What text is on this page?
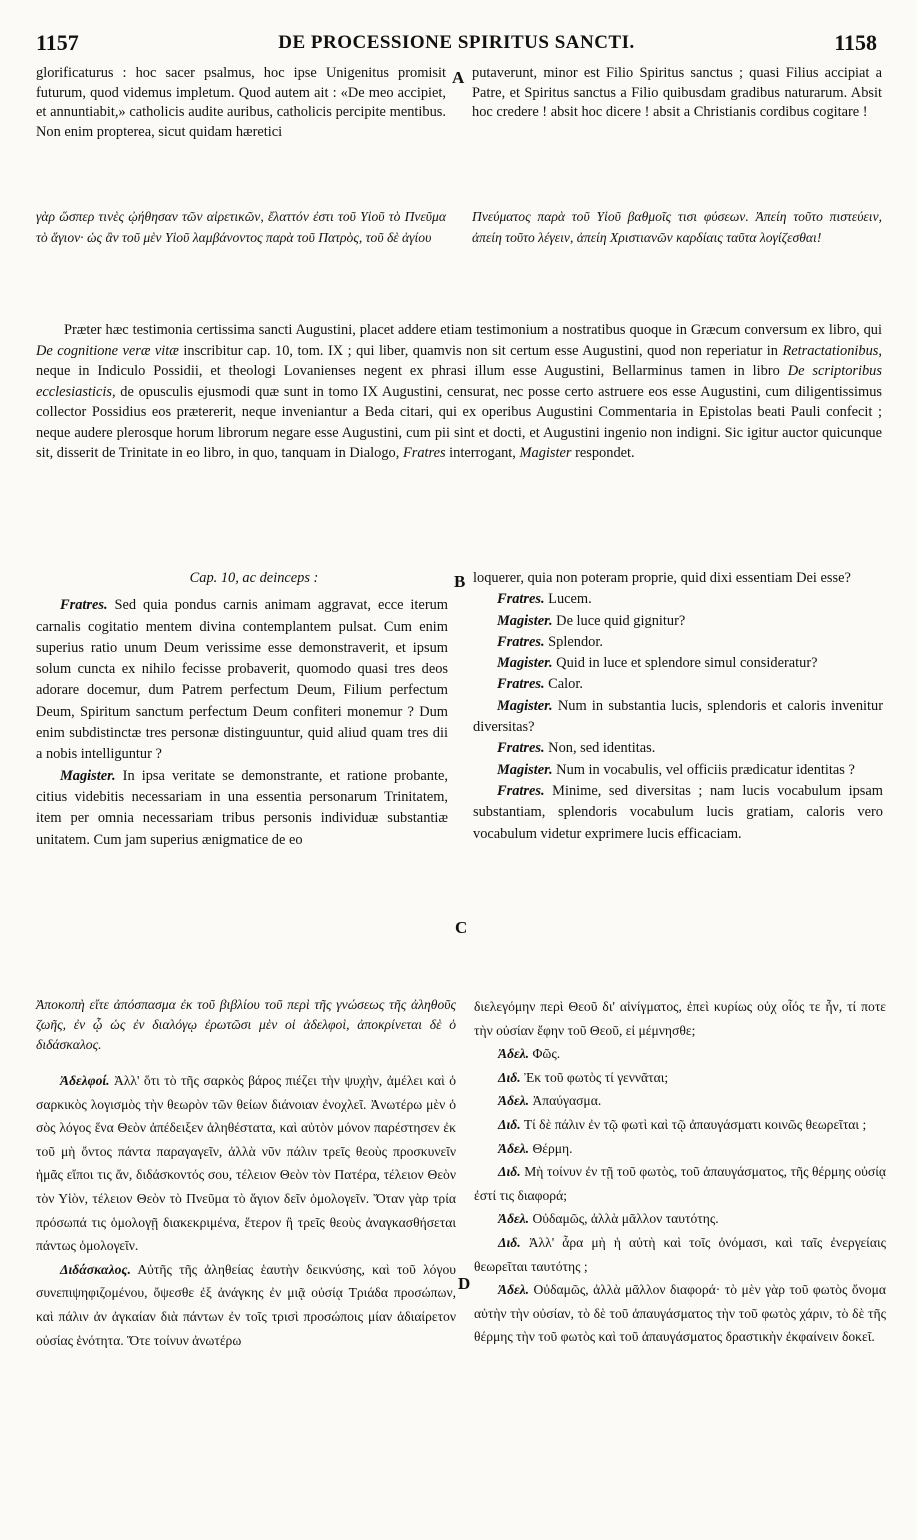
1157	DE PROCESSIONE SPIRITUS SANCTI.	1158
A
B
C
D

glorificaturus : hoc sacer psalmus, hoc ipse Unigenitus promisit futurum, quod videmus impletum. Quod autem ait : «De meo accipiet, et annuntiabit,» catholicis audite auribus, catholicis percipite mentibus. Non enim propterea, sicut quidam hæretici

putaverunt, minor est Filio Spiritus sanctus ; quasi Filius accipiat a Patre, et Spiritus sanctus a Filio quibusdam gradibus naturarum. Absit hoc credere ! absit hoc dicere ! absit a Christianis cordibus cogitare !

γὰρ ὥσπερ τινὲς ᾠήθησαν τῶν αἱρετικῶν, ἔλαττόν ἐστι τοῦ Υἱοῦ τὸ Πνεῦμα τὸ ἅγιον· ὡς ἂν τοῦ μὲν Υἱοῦ λαμβάνοντος παρὰ τοῦ Πατρὸς, τοῦ δὲ ἁγίου

Πνεύματος παρὰ τοῦ Υἱοῦ βαθμοῖς τισι φύσεων. Ἀπείη τοῦτο πιστεύειν, ἀπείη τοῦτο λέγειν, ἀπείη Χριστιανῶν καρδίαις ταῦτα λογίζεσθαι!

Præter hæc testimonia certissima sancti Augustini, placet addere etiam testimonium a nostratibus quoque in Græcum conversum ex libro, qui De cognitione veræ vitæ inscribitur cap. 10, tom. IX ; qui liber, quamvis non sit certum esse Augustini, quod non reperiatur in Retractationibus, neque in Indiculo Possidii, et theologi Lovanienses negent ex phrasi illum esse Augustini, Bellarminus tamen in libro De scriptoribus ecclesiasticis, de opusculis ejusmodi quæ sunt in tomo IX Augustini, censurat, nec posse certo astruere eos esse Augustini, cum diligentissimus collector Possidius eos prætererit, neque inveniantur a Beda citari, qui ex operibus Augustini Commentaria in Epistolas beati Pauli confecit ; neque audere plerosque horum librorum negare esse Augustini, cum pii sint et docti, et Augustini ingenio non indigni. Sic igitur auctor quicunque sit, disserit de Trinitate in eo libro, in quo, tanquam in Dialogo, Fratres interrogant, Magister respondet.

Cap. 10, ac deinceps :

Fratres. Sed quia pondus carnis animam aggravat, ecce iterum carnalis cogitatio mentem divina contemplantem pulsat. Cum enim superius ratio unum Deum verissime esse demonstraverit, et ipsum solum cuncta ex nihilo fecisse probaverit, quomodo quasi tres deos adorare docemur, dum Patrem perfectum Deum, Filium perfectum Deum, Spiritum sanctum perfectum Deum confiteri monemur ? Dum enim subdistinctæ tres personæ distinguuntur, quid aliud quam tres dii a nobis intelliguntur ?

Magister. In ipsa veritate se demonstrante, et ratione probante, citius videbitis necessariam in una essentia personarum Trinitatem, item per omnia necessariam tribus personis individuæ substantiæ unitatem. Cum jam superius ænigmatice de eo

loquerer, quia non poteram proprie, quid dixi essentiam Dei esse?

Fratres. Lucem.

Magister. De luce quid gignitur?

Fratres. Splendor.

Magister. Quid in luce et splendore simul consideratur?

Fratres. Calor.

Magister. Num in substantia lucis, splendoris et caloris invenitur diversitas?

Fratres. Non, sed identitas.

Magister. Num in vocabulis, vel officiis prædicatur identitas ?

Fratres. Minime, sed diversitas ; nam lucis vocabulum ipsam substantiam, splendoris vocabulum lucis gratiam, caloris vero vocabulum videtur exprimere lucis efficaciam.

Ἀποκοπὴ εἴτε ἀπόσπασμα ἐκ τοῦ βιβλίου τοῦ περὶ τῆς γνώσεως τῆς ἀληθοῦς ζωῆς, ἐν ᾧ ὡς ἐν διαλόγῳ ἐρωτῶσι μὲν οἱ ἀδελφοὶ, ἀποκρίνεται δὲ ὁ διδάσκαλος.

Ἀδελφοί. Ἀλλ' ὅτι τὸ τῆς σαρκὸς βάρος πιέζει τὴν ψυχὴν, ἀμέλει καὶ ὁ σαρκικὸς λογισμὸς τὴν θεωρὸν τῶν θείων διάνοιαν ἐνοχλεῖ. Ἀνωτέρω μὲν ὁ σὸς λόγος ἕνα Θεὸν ἀπέδειξεν ἀληθέστατα, καὶ αὐτὸν μόνον παρέστησεν ἐκ τοῦ μὴ ὄντος πάντα παραγαγεῖν, ἀλλὰ νῦν πάλιν τρεῖς θεοὺς προσκυνεῖν ἡμᾶς εἴποι τις ἄν, διδάσκοντός σου, τέλειον Θεὸν τὸν Πατέρα, τέλειον Θεὸν τὸν Υἱὸν, τέλειον Θεὸν τὸ Πνεῦμα τὸ ἅγιον δεῖν ὁμολογεῖν. Ὅταν γὰρ τρία πρόσωπά τις ὁμολογῇ διακεκριμένα, ἕτερον ἢ τρεῖς θεοὺς ἀναγκασθήσεται πάντως ὁμολογεῖν.

Διδάσκαλος. Αὐτῆς τῆς ἀληθείας ἑαυτὴν δεικνύσης, καὶ τοῦ λόγου συνεπιψηφιζομένου, ὄψεσθε ἐξ ἀνάγκης ἐν μιᾷ οὐσίᾳ Τριάδα προσώπων, καὶ πάλιν ἀν ἀγκαίαν διὰ πάντων ἐν τοῖς τρισὶ προσώποις μίαν ἀδιαίρετον οὐσίας ἑνότητα. Ὅτε τοίνυν ἀνωτέρω

διελεγόμην περὶ Θεοῦ δι' αἰνίγματος, ἐπεὶ κυρίως οὐχ οἷός τε ἦν, τί ποτε τὴν οὐσίαν ἔφην τοῦ Θεοῦ, εἰ μέμνησθε;

Ἀδελ. Φῶς.

Διδ. Ἐκ τοῦ φωτὸς τί γεννᾶται;

Ἀδελ. Ἀπαύγασμα.

Διδ. Τί δὲ πάλιν ἐν τῷ φωτὶ καὶ τῷ ἀπαυγάσματι κοινῶς θεωρεῖται ;

Ἀδελ. Θέρμη.

Διδ. Μὴ τοίνυν ἐν τῇ τοῦ φωτὸς, τοῦ ἀπαυγάσματος, τῆς θέρμης οὐσίᾳ ἐστί τις διαφορά;

Ἀδελ. Οὐδαμῶς, ἀλλὰ μᾶλλον ταυτότης.

Διδ. Ἀλλ' ἆρα μὴ ἡ αὐτὴ καὶ τοῖς ὀνόμασι, καὶ ταῖς ἐνεργείαις θεωρεῖται ταυτότης ;

Ἀδελ. Οὐδαμῶς, ἀλλὰ μᾶλλον διαφορά· τὸ μὲν γὰρ τοῦ φωτὸς ὄνομα αὐτὴν τὴν οὐσίαν, τὸ δὲ τοῦ ἀπαυγάσματος τὴν τοῦ φωτὸς χάριν, τὸ δὲ τῆς θέρμης τὴν τοῦ φωτὸς καὶ τοῦ ἀπαυγάσματος δραστικὴν ἐκφαίνειν δοκεῖ.
